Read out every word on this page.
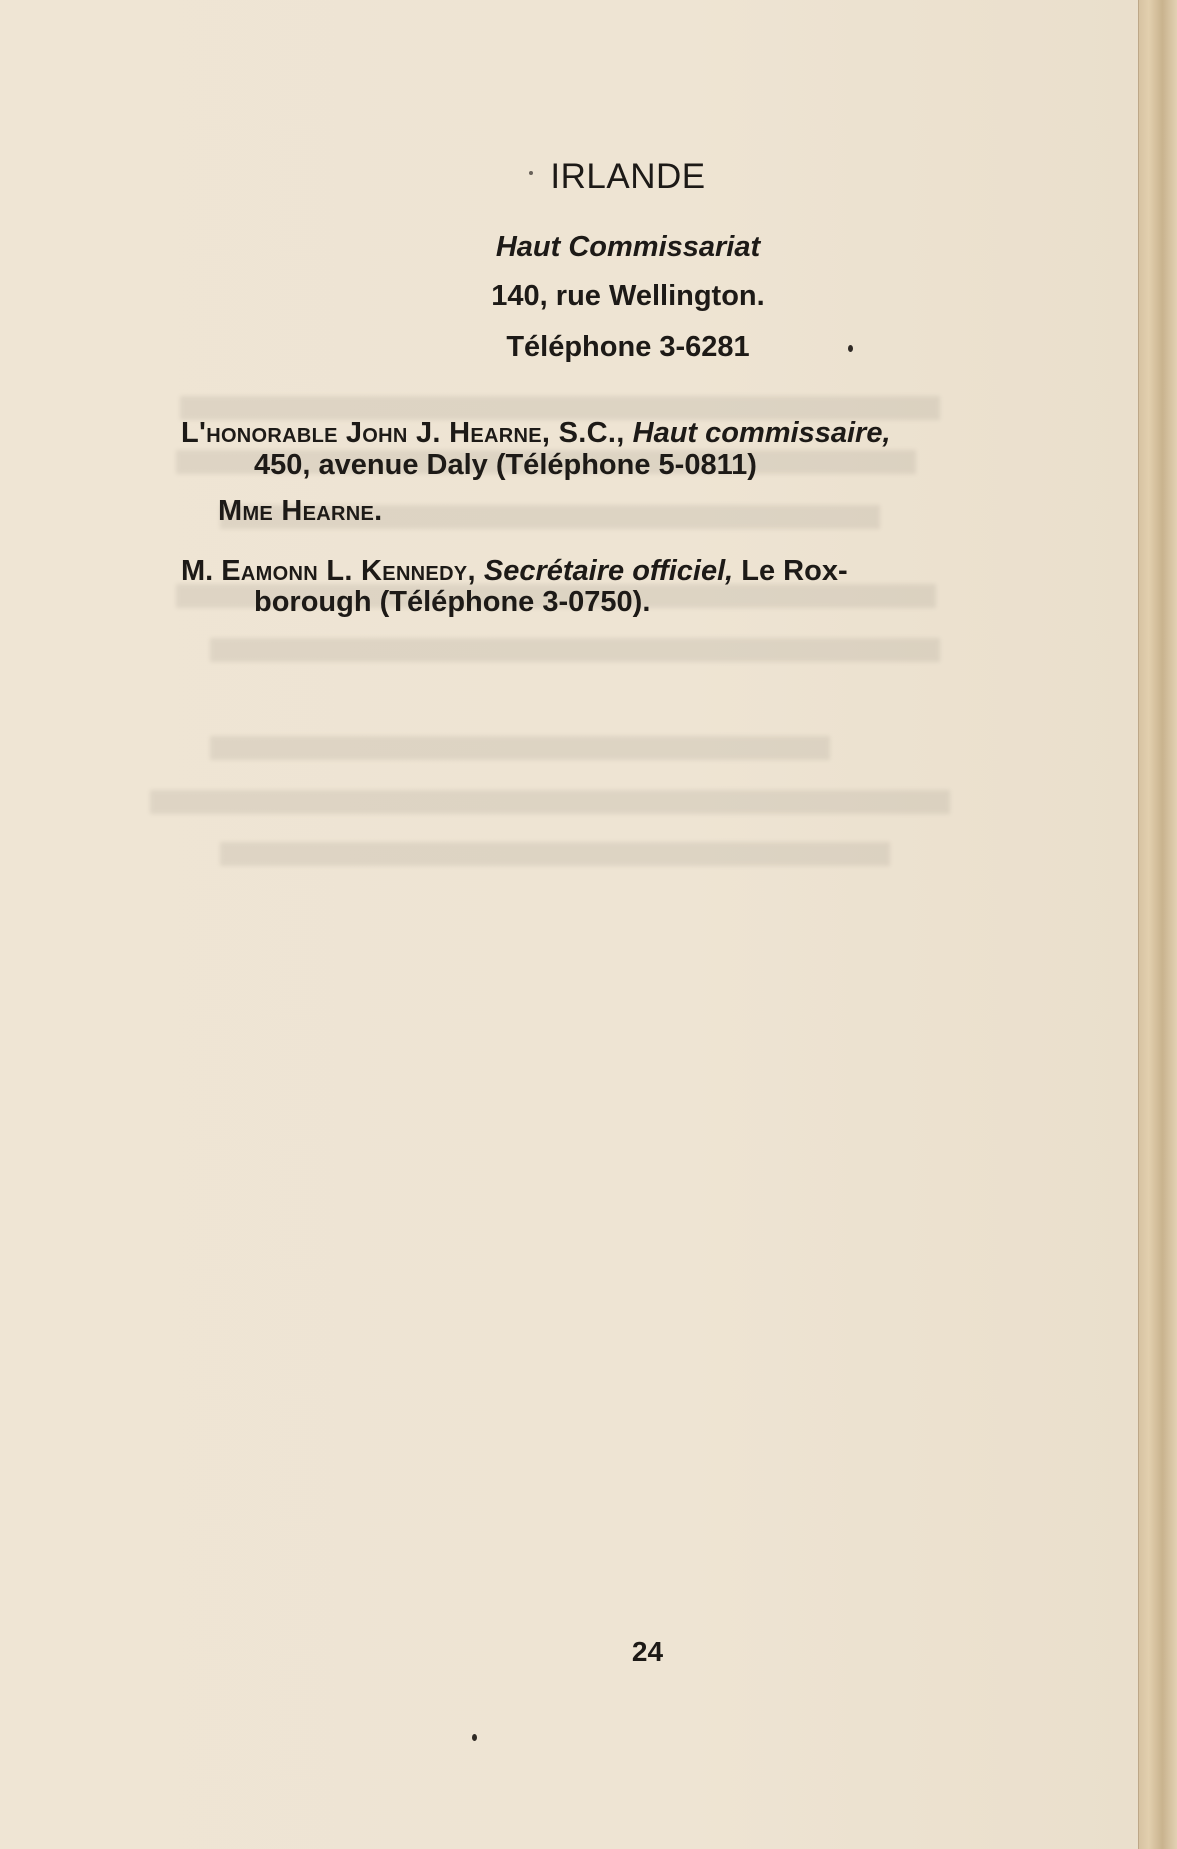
IRLANDE
Haut Commissariat
140, rue Wellington.
Téléphone 3-6281
L'honorable John J. Hearne, S.C., Haut commissaire,
450, avenue Daly (Téléphone 5-0811)
Mme Hearne.
M. Eamonn L. Kennedy, Secrétaire officiel, Le Rox-
borough (Téléphone 3-0750).
24
